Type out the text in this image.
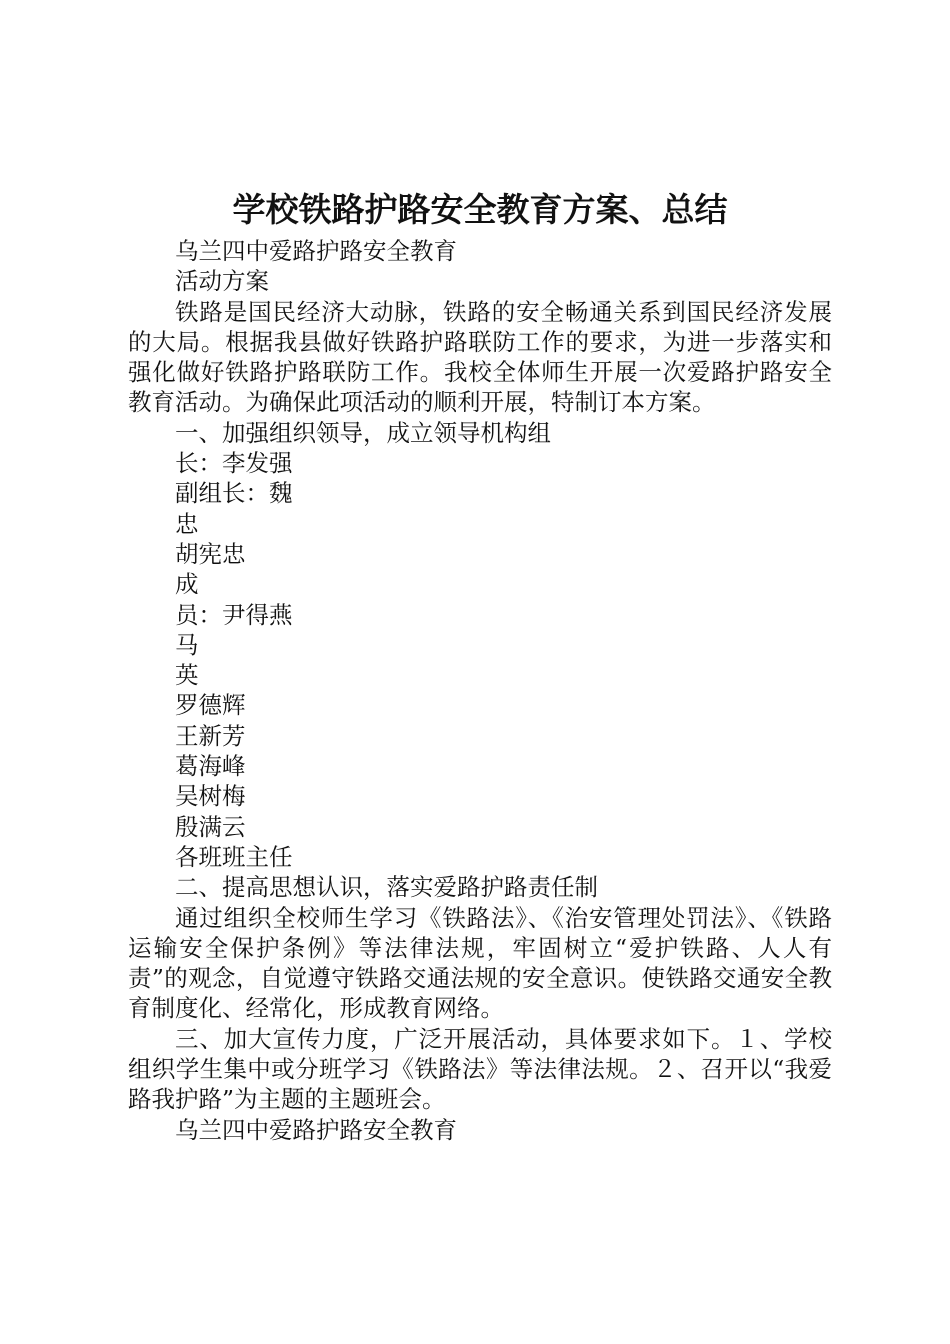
学校铁路护路安全教育方案、总结

乌兰四中爱路护路安全教育

活动方案

铁路是国民经济大动脉，铁路的安全畅通关系到国民经济发展的大局。根据我县做好铁路护路联防工作的要求，为进一步落实和强化做好铁路护路联防工作。我校全体师生开展一次爱路护路安全教育活动。为确保此项活动的顺利开展，特制订本方案。

一、加强组织领导，成立领导机构组

长：李发强

副组长：魏

忠

胡宪忠

成

员：尹得燕

马

英

罗德辉

王新芳

葛海峰

吴树梅

殷满云

各班班主任

二、提高思想认识，落实爱路护路责任制

通过组织全校师生学习《铁路法》、《治安管理处罚法》、《铁路运输安全保护条例》等法律法规，牢固树立“爱护铁路、人人有责”的观念，自觉遵守铁路交通法规的安全意识。使铁路交通安全教育制度化、经常化，形成教育网络。

三、加大宣传力度，广泛开展活动，具体要求如下。１、学校组织学生集中或分班学习《铁路法》等法律法规。２、召开以“我爱路我护路”为主题的主题班会。

乌兰四中爱路护路安全教育
